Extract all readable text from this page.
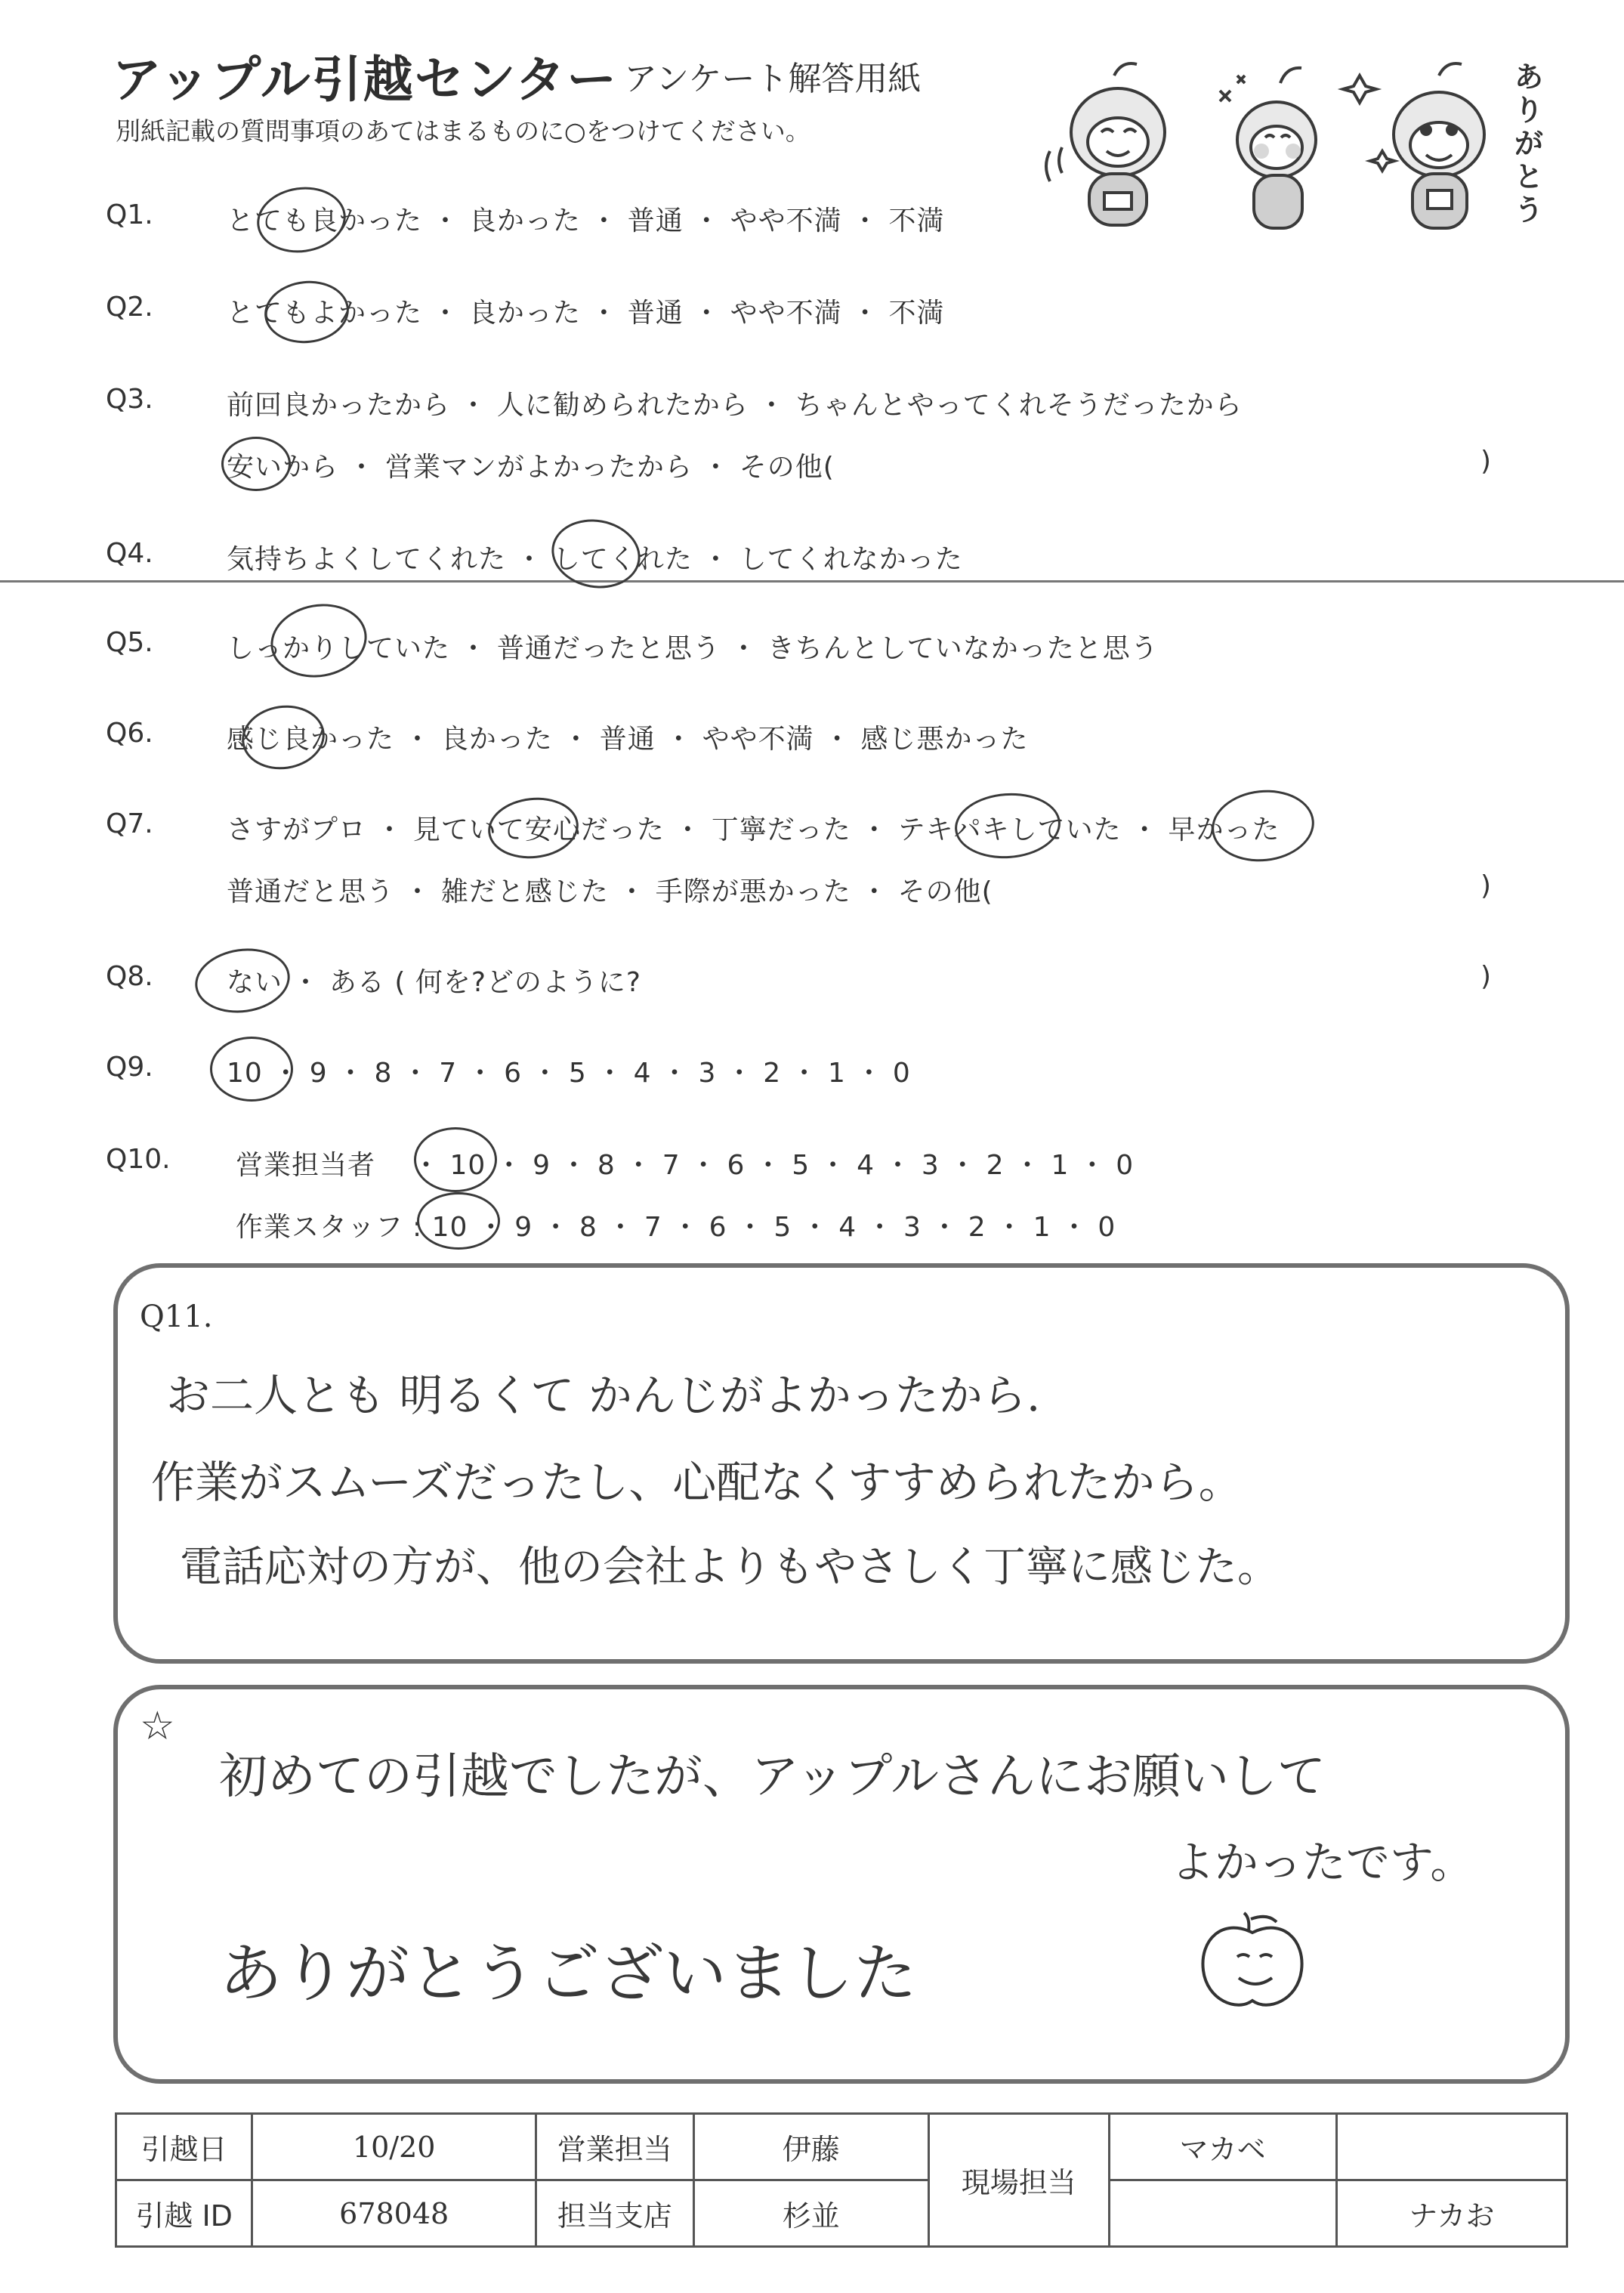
アップル引越センター アンケート解答用紙
別紙記載の質問事項のあてはまるものに○をつけてください。
ありがとう
Q1.	とても良かった ・ 良かった ・ 普通 ・ やや不満 ・ 不満
Q2.	とてもよかった ・ 良かった ・ 普通 ・ やや不満 ・ 不満
Q3.	前回良かったから ・ 人に勧められたから ・ ちゃんとやってくれそうだったから
安いから ・ 営業マンがよかったから ・ その他(	)
Q4.	気持ちよくしてくれた ・ してくれた ・ してくれなかった
Q5.	しっかりしていた ・ 普通だったと思う ・ きちんとしていなかったと思う
Q6.	感じ良かった ・ 良かった ・ 普通 ・ やや不満 ・ 感じ悪かった
Q7.	さすがプロ ・ 見ていて安心だった ・ 丁寧だった ・ テキパキしていた ・ 早かった
普通だと思う ・ 雑だと感じた ・ 手際が悪かった ・ その他(	)
Q8.	ない ・ ある ( 何を?どのように?	)
Q9.	10 ・ 9 ・ 8 ・ 7 ・ 6 ・ 5 ・ 4 ・ 3 ・ 2 ・ 1 ・ 0
Q10. 営業担当者 ・ 10 ・ 9 ・ 8 ・ 7 ・ 6 ・ 5 ・ 4 ・ 3 ・ 2 ・ 1 ・ 0
作業スタッフ : 10 ・ 9 ・ 8 ・ 7 ・ 6 ・ 5 ・ 4 ・ 3 ・ 2 ・ 1 ・ 0
Q11.
お二人とも 明るくて かんじがよかったから.
作業がスムーズだったし、心配なくすすめられたから。
電話応対の方が、他の会社よりもやさしく丁寧に感じた。
☆
初めての引越でしたが、アップルさんにお願いして
よかったです。
ありがとうございました
引越日	10/20	営業担当	伊藤	現場担当	マカベ	
引越 ID	678048	担当支店	杉並			ナカお
